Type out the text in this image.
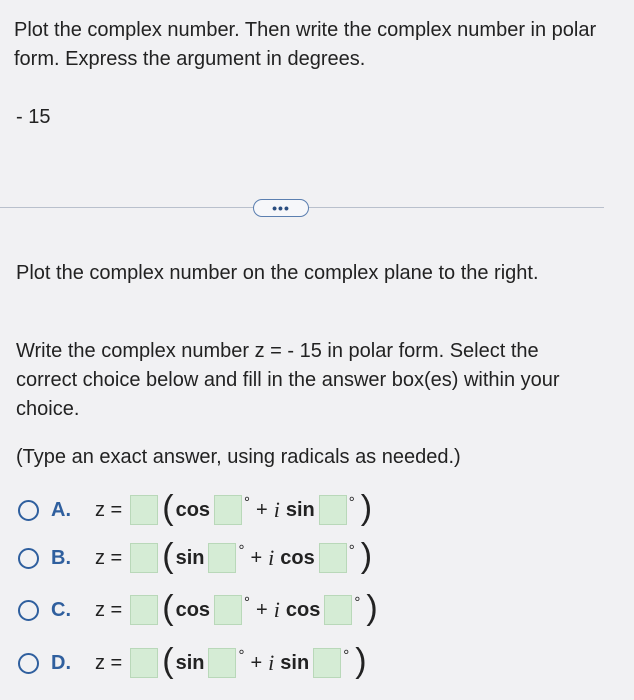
Plot the complex number. Then write the complex number in polar form. Express the argument in degrees.
- 15
•••
Plot the complex number on the complex plane to the right.
Write the complex number z = - 15 in polar form. Select the correct choice below and fill in the answer box(es) within your choice.
(Type an exact answer, using radicals as needed.)
A.	z = ( cos ° + i sin ° )
B.	z = ( sin ° + i cos ° )
C.	z = ( cos ° + i cos ° )
D.	z = ( sin ° + i sin ° )
